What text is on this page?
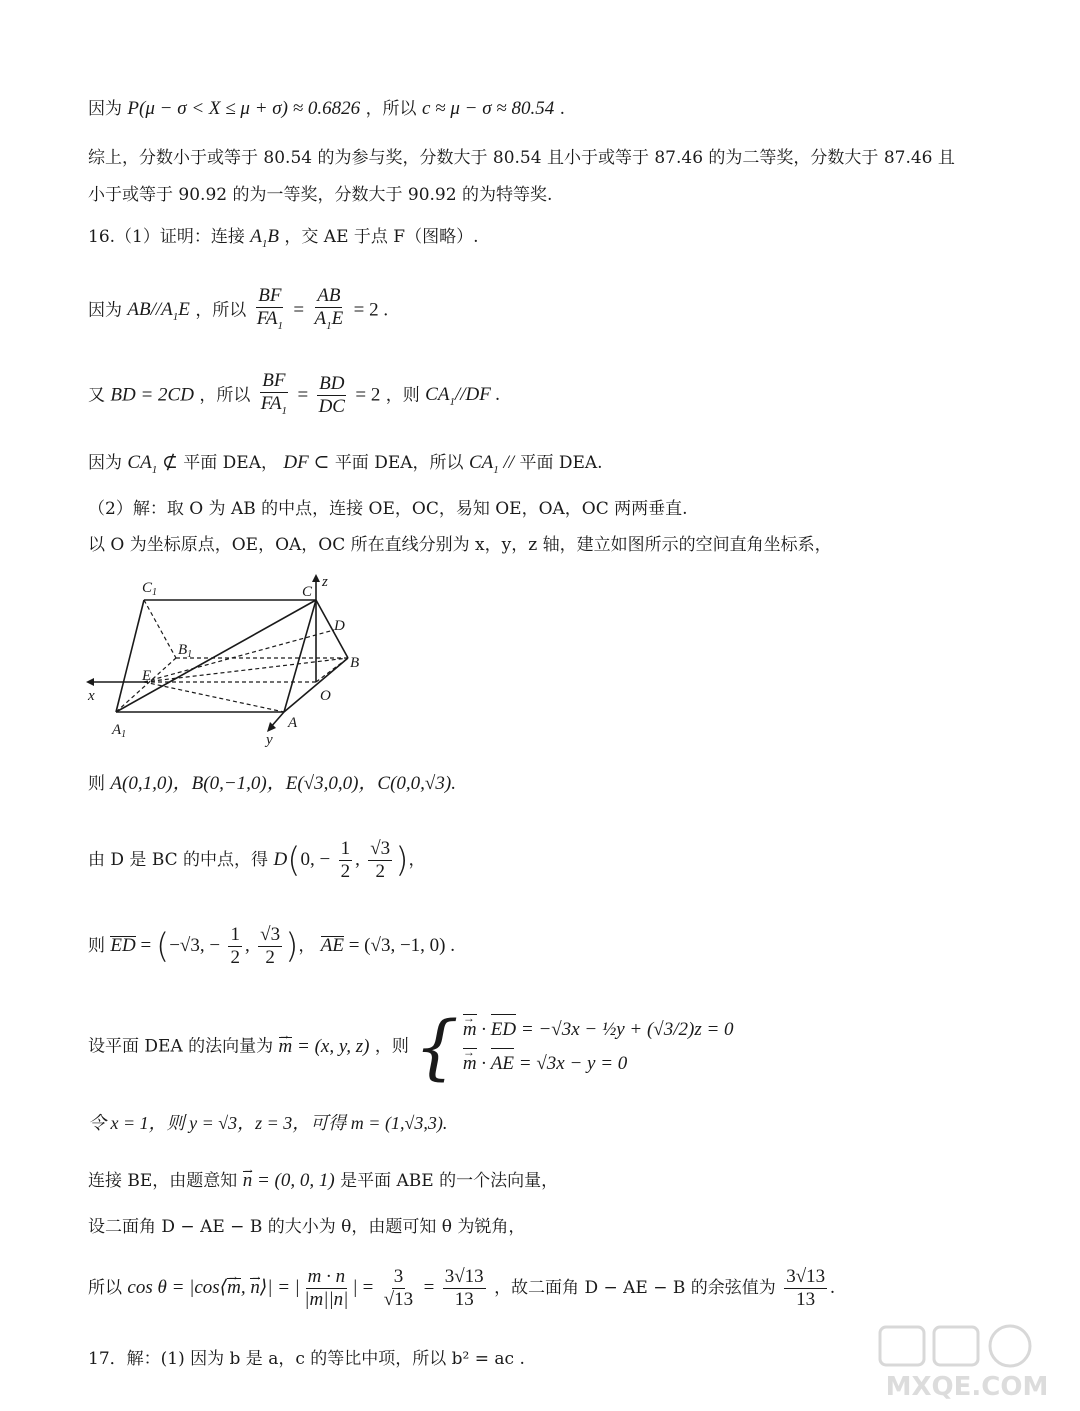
因为 P(μ − σ < X ≤ μ + σ) ≈ 0.6826 ，所以 c ≈ μ − σ ≈ 80.54 .
综上，分数小于或等于 80.54 的为参与奖，分数大于 80.54 且小于或等于 87.46 的为二等奖，分数大于 87.46 且
小于或等于 90.92 的为一等奖，分数大于 90.92 的为特等奖.
16.（1）证明：连接 $A_1B$ ，交 AE 于点 F（图略）.
因为 $AB//A_1E$ ，所以 $\frac{BF}{FA_1} = \frac{AB}{A_1E} = 2$ .
又 BD = 2CD ，所以 $\frac{BF}{FA_1} = \frac{BD}{DC} = 2$ ，则 $CA_1//DF$ .
因为 $CA_1$ ⊄ 平面 DEA， DF ⊂ 平面 DEA，所以 $CA_1$ // 平面 DEA.
（2）解：取 O 为 AB 的中点，连接 OE，OC，易知 OE，OA，OC 两两垂直.
以 O 为坐标原点，OE，OA，OC 所在直线分别为 x，y，z 轴，建立如图所示的空间直角坐标系，
$C_1$	C
z
D
$B_1$
B
E
O
x
$A_1$
A
y
则 A(0,1,0)，B(0,−1,0)，E(√3,0,0)，C(0,0,√3).
由 D 是 BC 的中点，得 D(0, − $\frac{1}{2}$ , $\frac{√3}{2}$ )，
则 ED = (−√3, − $\frac{1}{2}$ , $\frac{√3}{2}$ )， AE = (√3, −1, 0) .
设平面 DEA 的法向量为 m → = (x, y, z) ，则 { m → · ED = −√3x − ½y + (√3/2)z = 0
m → · AE = √3x − y = 0
令 x = 1，则 y = √3，z = 3，可得 m = (1,√3,3).
连接 BE，由题意知 n → = (0, 0, 1) 是平面 ABE 的一个法向量，
设二面角 D − AE − B 的大小为 θ，由题可知 θ 为锐角，
所以 cos θ = |cos⟨m →, n →⟩| = | $\frac{m \cdot n}{|m||n|}$ | = $\frac{3}{√13} = \frac{3√13}{13}$ ，故二面角 D − AE − B 的余弦值为 $\frac{3√13}{13}$ .
17．解：(1) 因为 b 是 a，c 的等比中项，所以 b² = ac .
MXQE.COM
